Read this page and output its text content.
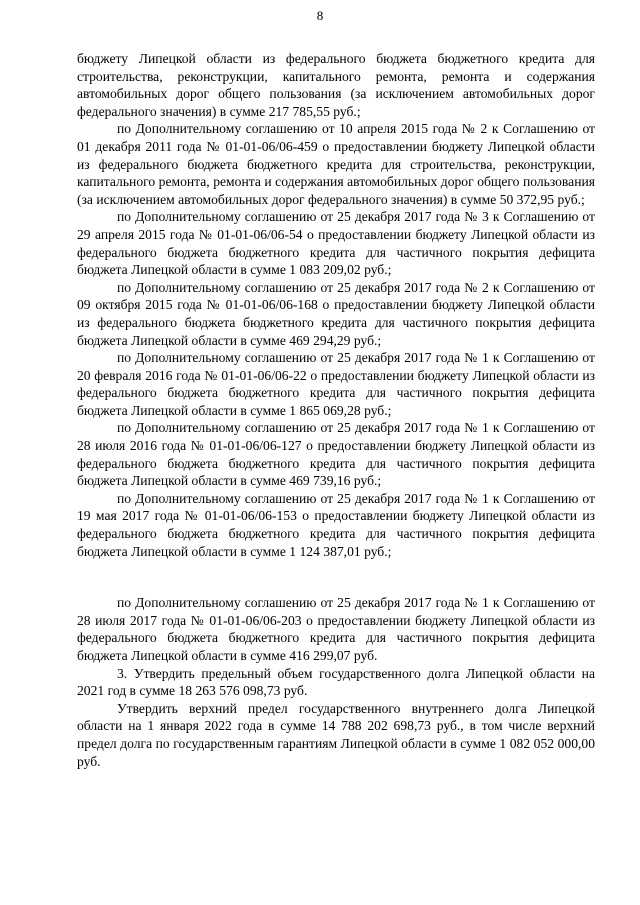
8

бюджету Липецкой области из федерального бюджета бюджетного кредита для строительства, реконструкции, капитального ремонта, ремонта и содержания автомобильных дорог общего пользования (за исключением автомобильных дорог федерального значения) в сумме 217 785,55 руб.;

по Дополнительному соглашению от 10 апреля 2015 года № 2 к Соглашению от 01 декабря 2011 года № 01-01-06/06-459 о предоставлении бюджету Липецкой области из федерального бюджета бюджетного кредита для строительства, реконструкции, капитального ремонта, ремонта и содержания автомобильных дорог общего пользования (за исключением автомобильных дорог федерального значения) в сумме 50 372,95 руб.;

по Дополнительному соглашению от 25 декабря 2017 года № 3 к Соглашению от 29 апреля 2015 года № 01-01-06/06-54 о предоставлении бюджету Липецкой области из федерального бюджета бюджетного кредита для частичного покрытия дефицита бюджета Липецкой области в сумме 1 083 209,02 руб.;

по Дополнительному соглашению от 25 декабря 2017 года № 2 к Соглашению от 09 октября 2015 года № 01-01-06/06-168 о предоставлении бюджету Липецкой области из федерального бюджета бюджетного кредита для частичного покрытия дефицита бюджета Липецкой области в сумме 469 294,29 руб.;

по Дополнительному соглашению от 25 декабря 2017 года № 1 к Соглашению от 20 февраля 2016 года № 01-01-06/06-22 о предоставлении бюджету Липецкой области из федерального бюджета бюджетного кредита для частичного покрытия дефицита бюджета Липецкой области в сумме 1 865 069,28 руб.;

по Дополнительному соглашению от 25 декабря 2017 года № 1 к Соглашению от 28 июля 2016 года № 01-01-06/06-127 о предоставлении бюджету Липецкой области из федерального бюджета бюджетного кредита для частичного покрытия дефицита бюджета Липецкой области в сумме 469 739,16 руб.;

по Дополнительному соглашению от 25 декабря 2017 года № 1 к Соглашению от 19 мая 2017 года № 01-01-06/06-153 о предоставлении бюджету Липецкой области из федерального бюджета бюджетного кредита для частичного покрытия дефицита бюджета Липецкой области в сумме 1 124 387,01 руб.;

по Дополнительному соглашению от 25 декабря 2017 года № 1 к Соглашению от 28 июля 2017 года № 01-01-06/06-203 о предоставлении бюджету Липецкой области из федерального бюджета бюджетного кредита для частичного покрытия дефицита бюджета Липецкой области в сумме 416 299,07 руб.

3. Утвердить предельный объем государственного долга Липецкой области на 2021 год в сумме 18 263 576 098,73 руб.

Утвердить верхний предел государственного внутреннего долга Липецкой области на 1 января 2022 года в сумме 14 788 202 698,73 руб., в том числе верхний предел долга по государственным гарантиям Липецкой области в сумме 1 082 052 000,00 руб.
